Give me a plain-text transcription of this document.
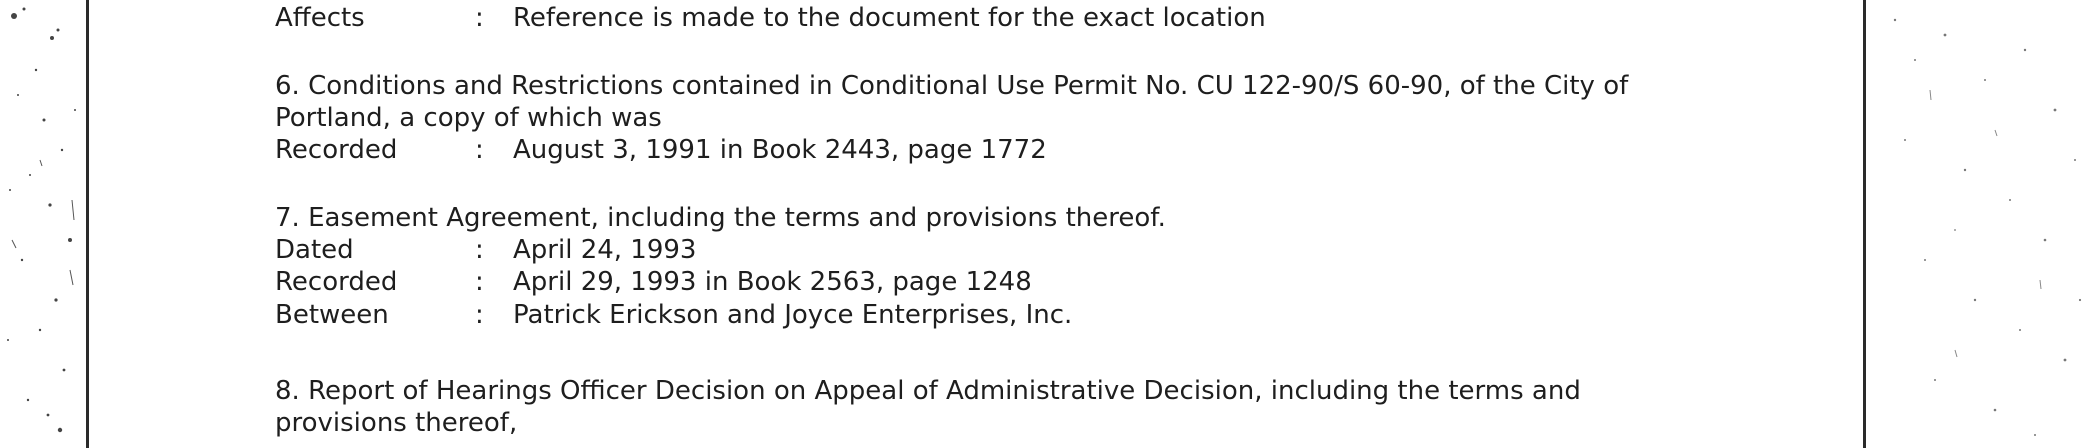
Affects	: Reference is made to the document for the exact location
6. Conditions and Restrictions contained in Conditional Use Permit No. CU 122-90/S 60-90, of the City of
Portland, a copy of which was
Recorded	: August 3, 1991 in Book 2443, page 1772
7. Easement Agreement, including the terms and provisions thereof.
Dated	: April 24, 1993
Recorded	: April 29, 1993 in Book 2563, page 1248
Between	: Patrick Erickson and Joyce Enterprises, Inc.
8. Report of Hearings Officer Decision on Appeal of Administrative Decision, including the terms and
provisions thereof,
